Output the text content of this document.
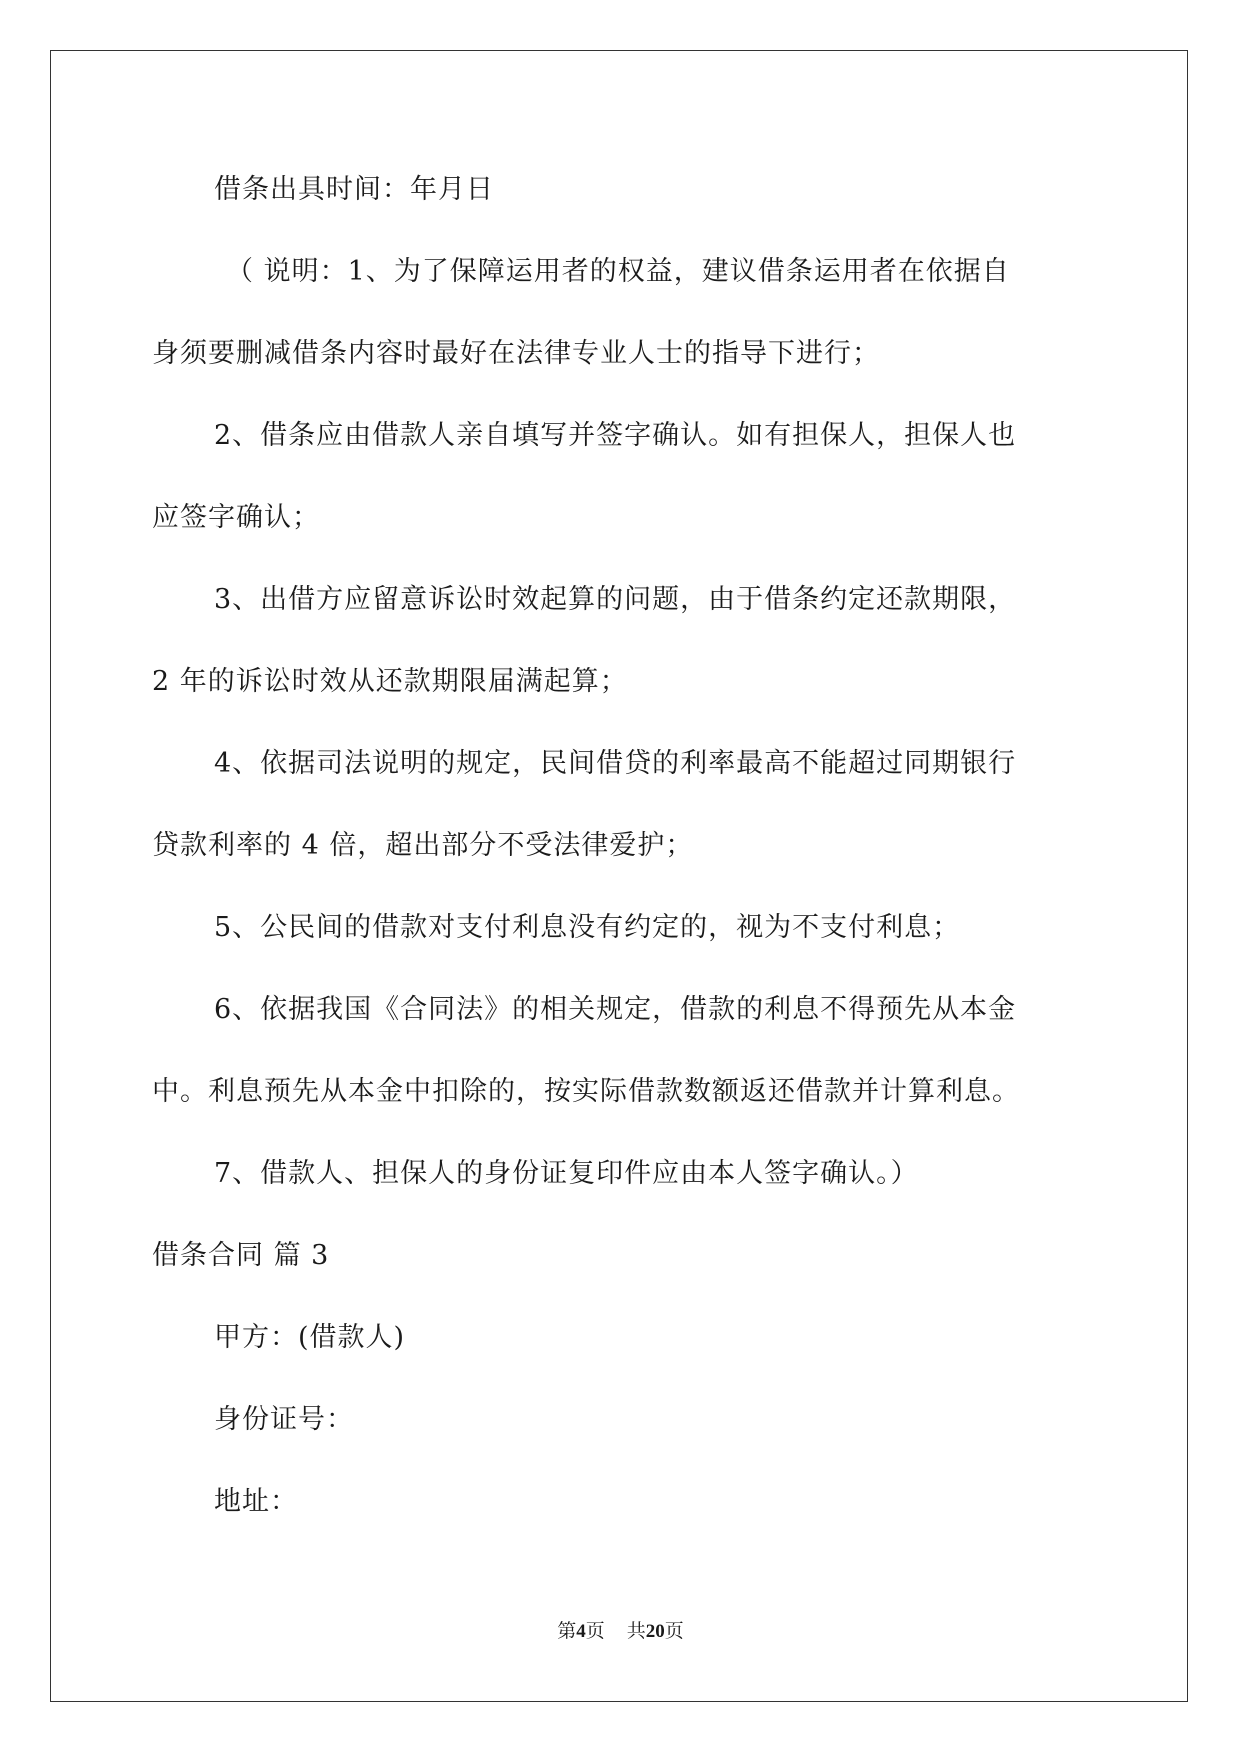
借条出具时间：年月日
（ 说明：1、为了保障运用者的权益，建议借条运用者在依据自
身须要删减借条内容时最好在法律专业人士的指导下进行；
2、借条应由借款人亲自填写并签字确认。如有担保人，担保人也
应签字确认；
3、出借方应留意诉讼时效起算的问题，由于借条约定还款期限，
2 年的诉讼时效从还款期限届满起算；
4、依据司法说明的规定，民间借贷的利率最高不能超过同期银行
贷款利率的 4 倍，超出部分不受法律爱护；
5、公民间的借款对支付利息没有约定的，视为不支付利息；
6、依据我国《合同法》的相关规定，借款的利息不得预先从本金
中。利息预先从本金中扣除的，按实际借款数额返还借款并计算利息。
7、借款人、担保人的身份证复印件应由本人签字确认。）
借条合同 篇 3
甲方：(借款人)
身份证号：
地址：
第4页 共20页
